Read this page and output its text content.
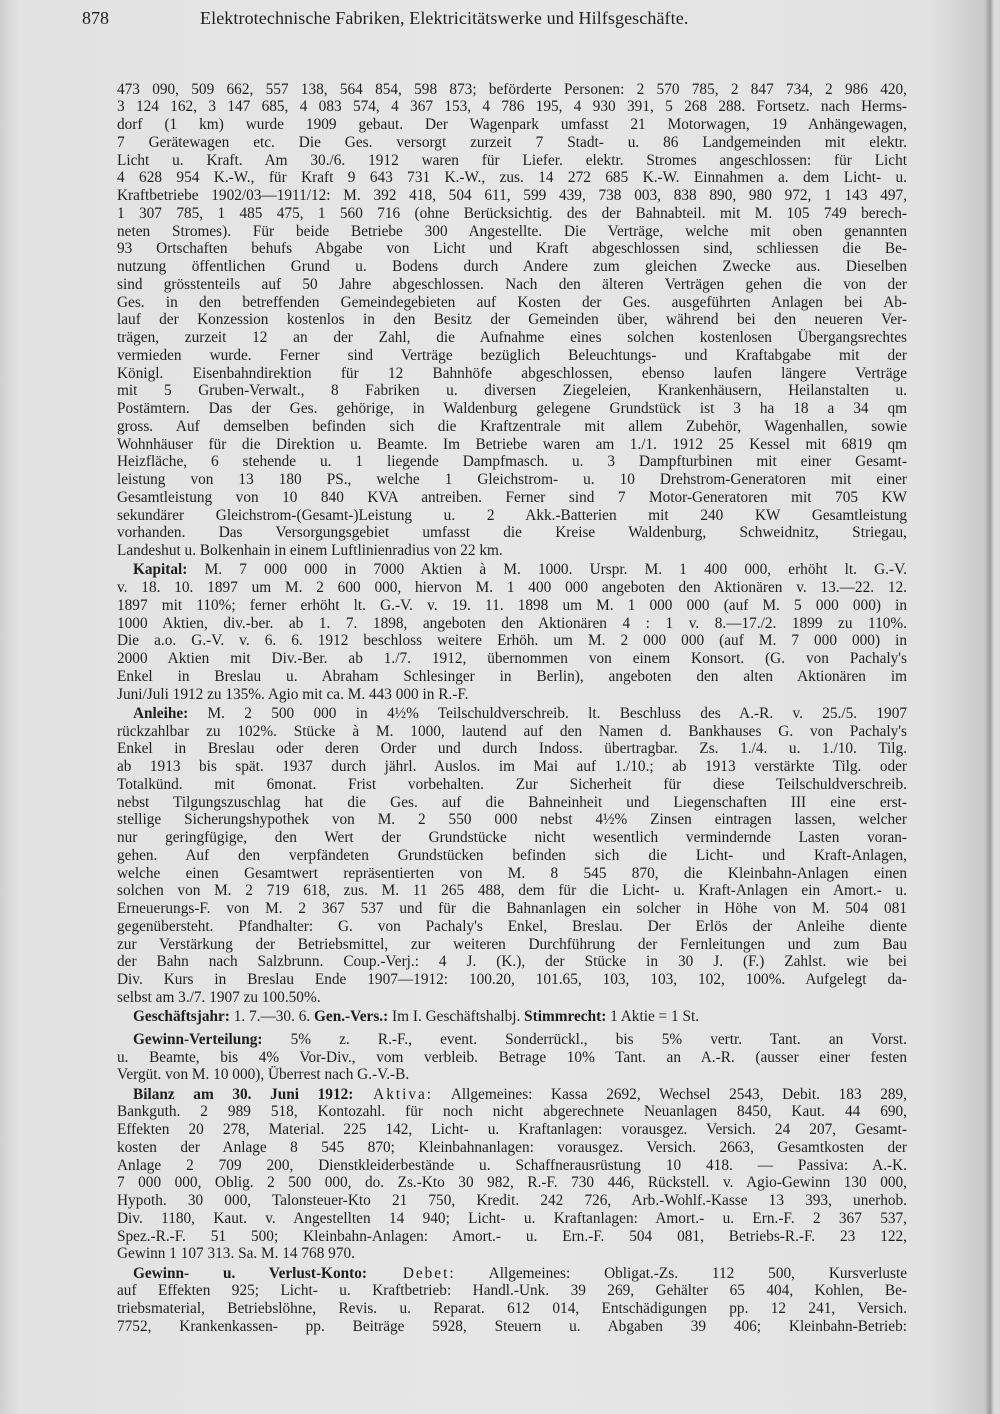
878	Elektrotechnische Fabriken, Elektricitätswerke und Hilfsgeschäfte.
473 090, 509 662, 557 138, 564 854, 598 873; beförderte Personen: 2 570 785, 2 847 734, 2 986 420,
3 124 162, 3 147 685, 4 083 574, 4 367 153, 4 786 195, 4 930 391, 5 268 288. Fortsetz. nach Herms-
dorf (1 km) wurde 1909 gebaut. Der Wagenpark umfasst 21 Motorwagen, 19 Anhängewagen,
7 Gerätewagen etc. Die Ges. versorgt zurzeit 7 Stadt- u. 86 Landgemeinden mit elektr.
Licht u. Kraft. Am 30./6. 1912 waren für Liefer. elektr. Stromes angeschlossen: für Licht
4 628 954 K.-W., für Kraft 9 643 731 K.-W., zus. 14 272 685 K.-W. Einnahmen a. dem Licht- u.
Kraftbetriebe 1902/03—1911/12: M. 392 418, 504 611, 599 439, 738 003, 838 890, 980 972, 1 143 497,
1 307 785, 1 485 475, 1 560 716 (ohne Berücksichtig. des der Bahnabteil. mit M. 105 749 berech-
neten Stromes). Für beide Betriebe 300 Angestellte. Die Verträge, welche mit oben genannten
93 Ortschaften behufs Abgabe von Licht und Kraft abgeschlossen sind, schliessen die Be-
nutzung öffentlichen Grund u. Bodens durch Andere zum gleichen Zwecke aus. Dieselben
sind grösstenteils auf 50 Jahre abgeschlossen. Nach den älteren Verträgen gehen die von der
Ges. in den betreffenden Gemeindegebieten auf Kosten der Ges. ausgeführten Anlagen bei Ab-
lauf der Konzession kostenlos in den Besitz der Gemeinden über, während bei den neueren Ver-
trägen, zurzeit 12 an der Zahl, die Aufnahme eines solchen kostenlosen Übergangsrechtes
vermieden wurde. Ferner sind Verträge bezüglich Beleuchtungs- und Kraftabgabe mit der
Königl. Eisenbahndirektion für 12 Bahnhöfe abgeschlossen, ebenso laufen längere Verträge
mit 5 Gruben-Verwalt., 8 Fabriken u. diversen Ziegeleien, Krankenhäusern, Heilanstalten u.
Postämtern. Das der Ges. gehörige, in Waldenburg gelegene Grundstück ist 3 ha 18 a 34 qm
gross. Auf demselben befinden sich die Kraftzentrale mit allem Zubehör, Wagenhallen, sowie
Wohnhäuser für die Direktion u. Beamte. Im Betriebe waren am 1./1. 1912 25 Kessel mit 6819 qm
Heizfläche, 6 stehende u. 1 liegende Dampfmasch. u. 3 Dampfturbinen mit einer Gesamt-
leistung von 13 180 PS., welche 1 Gleichstrom- u. 10 Drehstrom-Generatoren mit einer
Gesamtleistung von 10 840 KVA antreiben. Ferner sind 7 Motor-Generatoren mit 705 KW
sekundärer Gleichstrom-(Gesamt-)Leistung u. 2 Akk.-Batterien mit 240 KW Gesamtleistung
vorhanden. Das Versorgungsgebiet umfasst die Kreise Waldenburg, Schweidnitz, Striegau,
Landeshut u. Bolkenhain in einem Luftlinienradius von 22 km.
Kapital: M. 7 000 000 in 7000 Aktien à M. 1000. Urspr. M. 1 400 000, erhöht lt. G.-V.
v. 18. 10. 1897 um M. 2 600 000, hiervon M. 1 400 000 angeboten den Aktionären v. 13.—22. 12.
1897 mit 110%; ferner erhöht lt. G.-V. v. 19. 11. 1898 um M. 1 000 000 (auf M. 5 000 000) in
1000 Aktien, div.-ber. ab 1. 7. 1898, angeboten den Aktionären 4 : 1 v. 8.—17./2. 1899 zu 110%.
Die a.o. G.-V. v. 6. 6. 1912 beschloss weitere Erhöh. um M. 2 000 000 (auf M. 7 000 000) in
2000 Aktien mit Div.-Ber. ab 1./7. 1912, übernommen von einem Konsort. (G. von Pachaly's
Enkel in Breslau u. Abraham Schlesinger in Berlin), angeboten den alten Aktionären im
Juni/Juli 1912 zu 135%. Agio mit ca. M. 443 000 in R.-F.
Anleihe: M. 2 500 000 in 4½% Teilschuldverschreib. lt. Beschluss des A.-R. v. 25./5. 1907
rückzahlbar zu 102%. Stücke à M. 1000, lautend auf den Namen d. Bankhauses G. von Pachaly's
Enkel in Breslau oder deren Order und durch Indoss. übertragbar. Zs. 1./4. u. 1./10. Tilg.
ab 1913 bis spät. 1937 durch jährl. Auslos. im Mai auf 1./10.; ab 1913 verstärkte Tilg. oder
Totalkünd. mit 6monat. Frist vorbehalten. Zur Sicherheit für diese Teilschuldverschreib.
nebst Tilgungszuschlag hat die Ges. auf die Bahneinheit und Liegenschaften III eine erst-
stellige Sicherungshypothek von M. 2 550 000 nebst 4½% Zinsen eintragen lassen, welcher
nur geringfügige, den Wert der Grundstücke nicht wesentlich vermindernde Lasten voran-
gehen. Auf den verpfändeten Grundstücken befinden sich die Licht- und Kraft-Anlagen,
welche einen Gesamtwert repräsentierten von M. 8 545 870, die Kleinbahn-Anlagen einen
solchen von M. 2 719 618, zus. M. 11 265 488, dem für die Licht- u. Kraft-Anlagen ein Amort.- u.
Erneuerungs-F. von M. 2 367 537 und für die Bahnanlagen ein solcher in Höhe von M. 504 081
gegenübersteht. Pfandhalter: G. von Pachaly's Enkel, Breslau. Der Erlös der Anleihe diente
zur Verstärkung der Betriebsmittel, zur weiteren Durchführung der Fernleitungen und zum Bau
der Bahn nach Salzbrunn. Coup.-Verj.: 4 J. (K.), der Stücke in 30 J. (F.) Zahlst. wie bei
Div. Kurs in Breslau Ende 1907—1912: 100.20, 101.65, 103, 103, 102, 100%. Aufgelegt da-
selbst am 3./7. 1907 zu 100.50%.
Geschäftsjahr: 1. 7.—30. 6. Gen.-Vers.: Im I. Geschäftshalbj. Stimmrecht: 1 Aktie = 1 St.
Gewinn-Verteilung: 5% z. R.-F., event. Sonderrückl., bis 5% vertr. Tant. an Vorst.
u. Beamte, bis 4% Vor-Div., vom verbleib. Betrage 10% Tant. an A.-R. (ausser einer festen
Vergüt. von M. 10 000), Überrest nach G.-V.-B.
Bilanz am 30. Juni 1912: Aktiva: Allgemeines: Kassa 2692, Wechsel 2543, Debit. 183 289,
Bankguth. 2 989 518, Kontozahl. für noch nicht abgerechnete Neuanlagen 8450, Kaut. 44 690,
Effekten 20 278, Material. 225 142, Licht- u. Kraftanlagen: vorausgez. Versich. 24 207, Gesamt-
kosten der Anlage 8 545 870; Kleinbahnanlagen: vorausgez. Versich. 2663, Gesamtkosten der
Anlage 2 709 200, Dienstkleiderbestände u. Schaffnerausrüstung 10 418. — Passiva: A.-K.
7 000 000, Oblig. 2 500 000, do. Zs.-Kto 30 982, R.-F. 730 446, Rückstell. v. Agio-Gewinn 130 000,
Hypoth. 30 000, Talonsteuer-Kto 21 750, Kredit. 242 726, Arb.-Wohlf.-Kasse 13 393, unerhob.
Div. 1180, Kaut. v. Angestellten 14 940; Licht- u. Kraftanlagen: Amort.- u. Ern.-F. 2 367 537,
Spez.-R.-F. 51 500; Kleinbahn-Anlagen: Amort.- u. Ern.-F. 504 081, Betriebs-R.-F. 23 122,
Gewinn 1 107 313. Sa. M. 14 768 970.
Gewinn- u. Verlust-Konto: Debet: Allgemeines: Obligat.-Zs. 112 500, Kursverluste
auf Effekten 925; Licht- u. Kraftbetrieb: Handl.-Unk. 39 269, Gehälter 65 404, Kohlen, Be-
triebsmaterial, Betriebslöhne, Revis. u. Reparat. 612 014, Entschädigungen pp. 12 241, Versich.
7752, Krankenkassen- pp. Beiträge 5928, Steuern u. Abgaben 39 406; Kleinbahn-Betrieb:
